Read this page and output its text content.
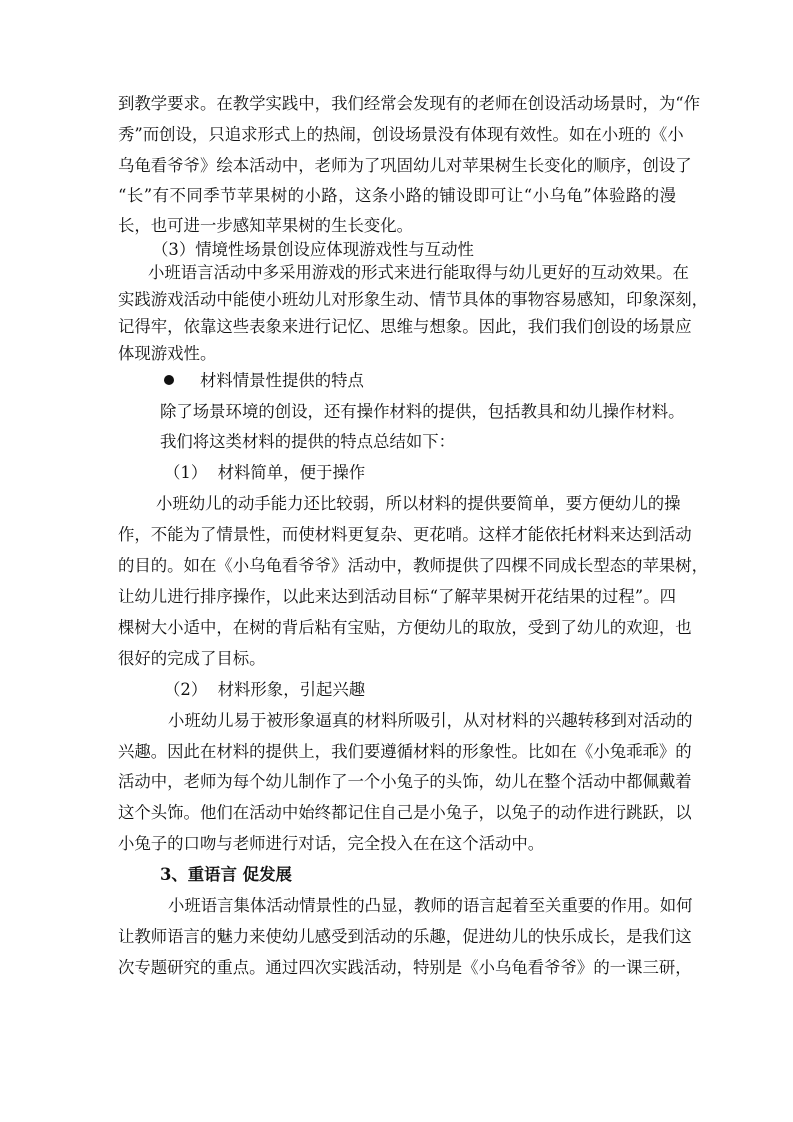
到教学要求。在教学实践中，我们经常会发现有的老师在创设活动场景时，为“作
秀”而创设，只追求形式上的热闹，创设场景没有体现有效性。如在小班的《小
乌龟看爷爷》绘本活动中，老师为了巩固幼儿对苹果树生长变化的顺序，创设了
“长”有不同季节苹果树的小路，这条小路的铺设即可让“小乌龟”体验路的漫
长，也可进一步感知苹果树的生长变化。
（3）情境性场景创设应体现游戏性与互动性
小班语言活动中多采用游戏的形式来进行能取得与幼儿更好的互动效果。在
实践游戏活动中能使小班幼儿对形象生动、情节具体的事物容易感知，印象深刻，
记得牢，依靠这些表象来进行记忆、思维与想象。因此，我们我们创设的场景应
体现游戏性。
材料情景性提供的特点
除了场景环境的创设，还有操作材料的提供，包括教具和幼儿操作材料。
我们将这类材料的提供的特点总结如下：
（1）  材料简单，便于操作
小班幼儿的动手能力还比较弱，所以材料的提供要简单，要方便幼儿的操
作，不能为了情景性，而使材料更复杂、更花哨。这样才能依托材料来达到活动
的目的。如在《小乌龟看爷爷》活动中，教师提供了四棵不同成长型态的苹果树，
让幼儿进行排序操作，以此来达到活动目标“了解苹果树开花结果的过程”。四
棵树大小适中，在树的背后粘有宝贴，方便幼儿的取放，受到了幼儿的欢迎，也
很好的完成了目标。
（2）  材料形象，引起兴趣
小班幼儿易于被形象逼真的材料所吸引，从对材料的兴趣转移到对活动的
兴趣。因此在材料的提供上，我们要遵循材料的形象性。比如在《小兔乖乖》的
活动中，老师为每个幼儿制作了一个小兔子的头饰，幼儿在整个活动中都佩戴着
这个头饰。他们在活动中始终都记住自己是小兔子，以兔子的动作进行跳跃，以
小兔子的口吻与老师进行对话，完全投入在在这个活动中。
3、重语言 促发展
小班语言集体活动情景性的凸显，教师的语言起着至关重要的作用。如何
让教师语言的魅力来使幼儿感受到活动的乐趣，促进幼儿的快乐成长，是我们这
次专题研究的重点。通过四次实践活动，特别是《小乌龟看爷爷》的一课三研，
